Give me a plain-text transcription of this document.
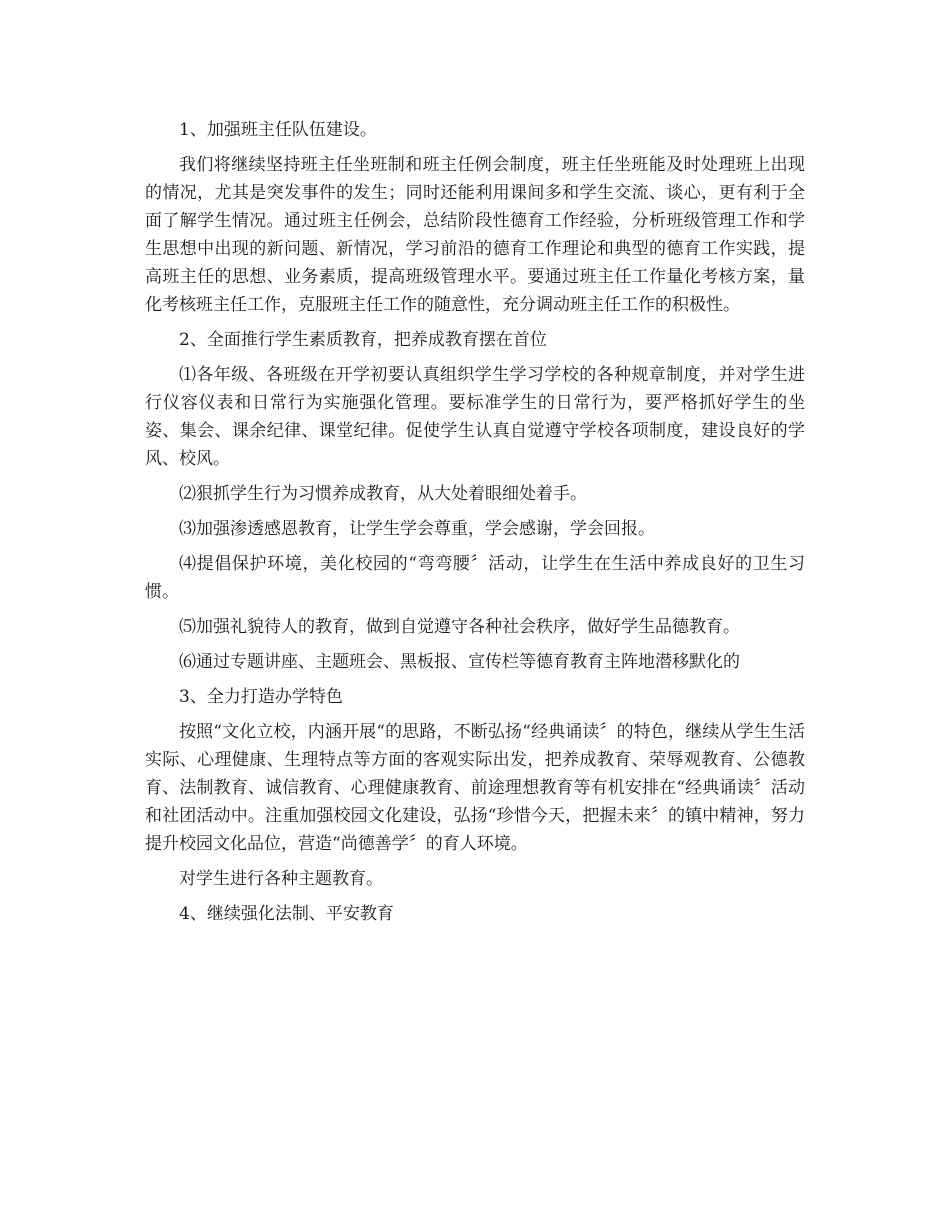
1、加强班主任队伍建设。

我们将继续坚持班主任坐班制和班主任例会制度，班主任坐班能及时处理班上出现的情况，尤其是突发事件的发生；同时还能利用课间多和学生交流、谈心，更有利于全面了解学生情况。通过班主任例会，总结阶段性德育工作经验，分析班级管理工作和学生思想中出现的新问题、新情况，学习前沿的德育工作理论和典型的德育工作实践，提高班主任的思想、业务素质，提高班级管理水平。要通过班主任工作量化考核方案，量化考核班主任工作，克服班主任工作的随意性，充分调动班主任工作的积极性。

2、全面推行学生素质教育，把养成教育摆在首位

⑴各年级、各班级在开学初要认真组织学生学习学校的各种规章制度，并对学生进行仪容仪表和日常行为实施强化管理。要标准学生的日常行为，要严格抓好学生的坐姿、集会、课余纪律、课堂纪律。促使学生认真自觉遵守学校各项制度，建设良好的学风、校风。

⑵狠抓学生行为习惯养成教育，从大处着眼细处着手。

⑶加强渗透感恩教育，让学生学会尊重，学会感谢，学会回报。

⑷提倡保护环境，美化校园的“弯弯腰〞活动，让学生在生活中养成良好的卫生习惯。

⑸加强礼貌待人的教育，做到自觉遵守各种社会秩序，做好学生品德教育。

⑹通过专题讲座、主题班会、黑板报、宣传栏等德育教育主阵地潜移默化的

3、全力打造办学特色

按照“文化立校，内涵开展“的思路，不断弘扬“经典诵读〞的特色，继续从学生生活实际、心理健康、生理特点等方面的客观实际出发，把养成教育、荣辱观教育、公德教育、法制教育、诚信教育、心理健康教育、前途理想教育等有机安排在“经典诵读〞活动和社团活动中。注重加强校园文化建设，弘扬“珍惜今天，把握未来〞的镇中精神，努力提升校园文化品位，营造“尚德善学〞的育人环境。

对学生进行各种主题教育。

4、继续强化法制、平安教育
